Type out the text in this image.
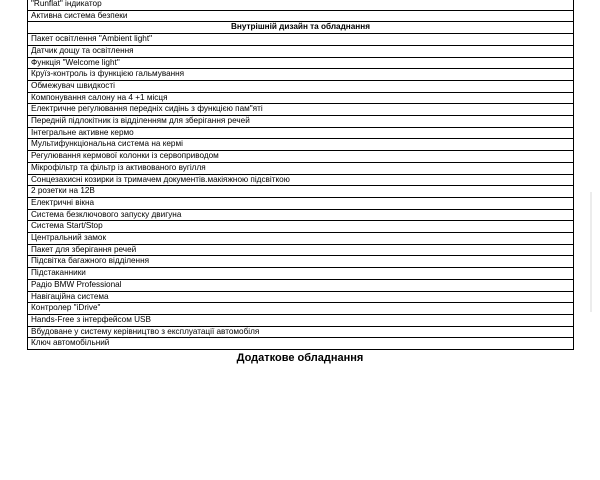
"Runflat" індикатор
Активна система безпеки
Внутрішній дизайн та обладнання
Пакет освітлення "Ambient light"
Датчик дощу та освітлення
Функція "Welcome light"
Круїз-контроль із функцією гальмування
Обмежувач швидкості
Компонування салону на 4 +1 місця
Електричне регулювання передніх сидінь з функцією пам"яті
Передній підлокітник із відділенням для зберігання речей
Інтегральне активне кермо
Мультифункціональна система на кермі
Регулювання кермової колонки із сервоприводом
Мікрофільтр та фільтр із активованого вугілля
Сонцезахисні козирки із тримачем документів.макіяжною підсвіткою
2 розетки на 12В
Електричні вікна
Система безключового запуску двигуна
Система Start/Stop
Центральний замок
Пакет для зберігання речей
Підсвітка багажного відділення
Підстаканники
Радіо BMW Professional
Навігаційна система
Контролер "iDrive"
Hands-Free з інтерфейсом USB
Вбудоване у систему керівництво з експлуатації автомобіля
Ключ автомобільний
Додаткове обладнання
